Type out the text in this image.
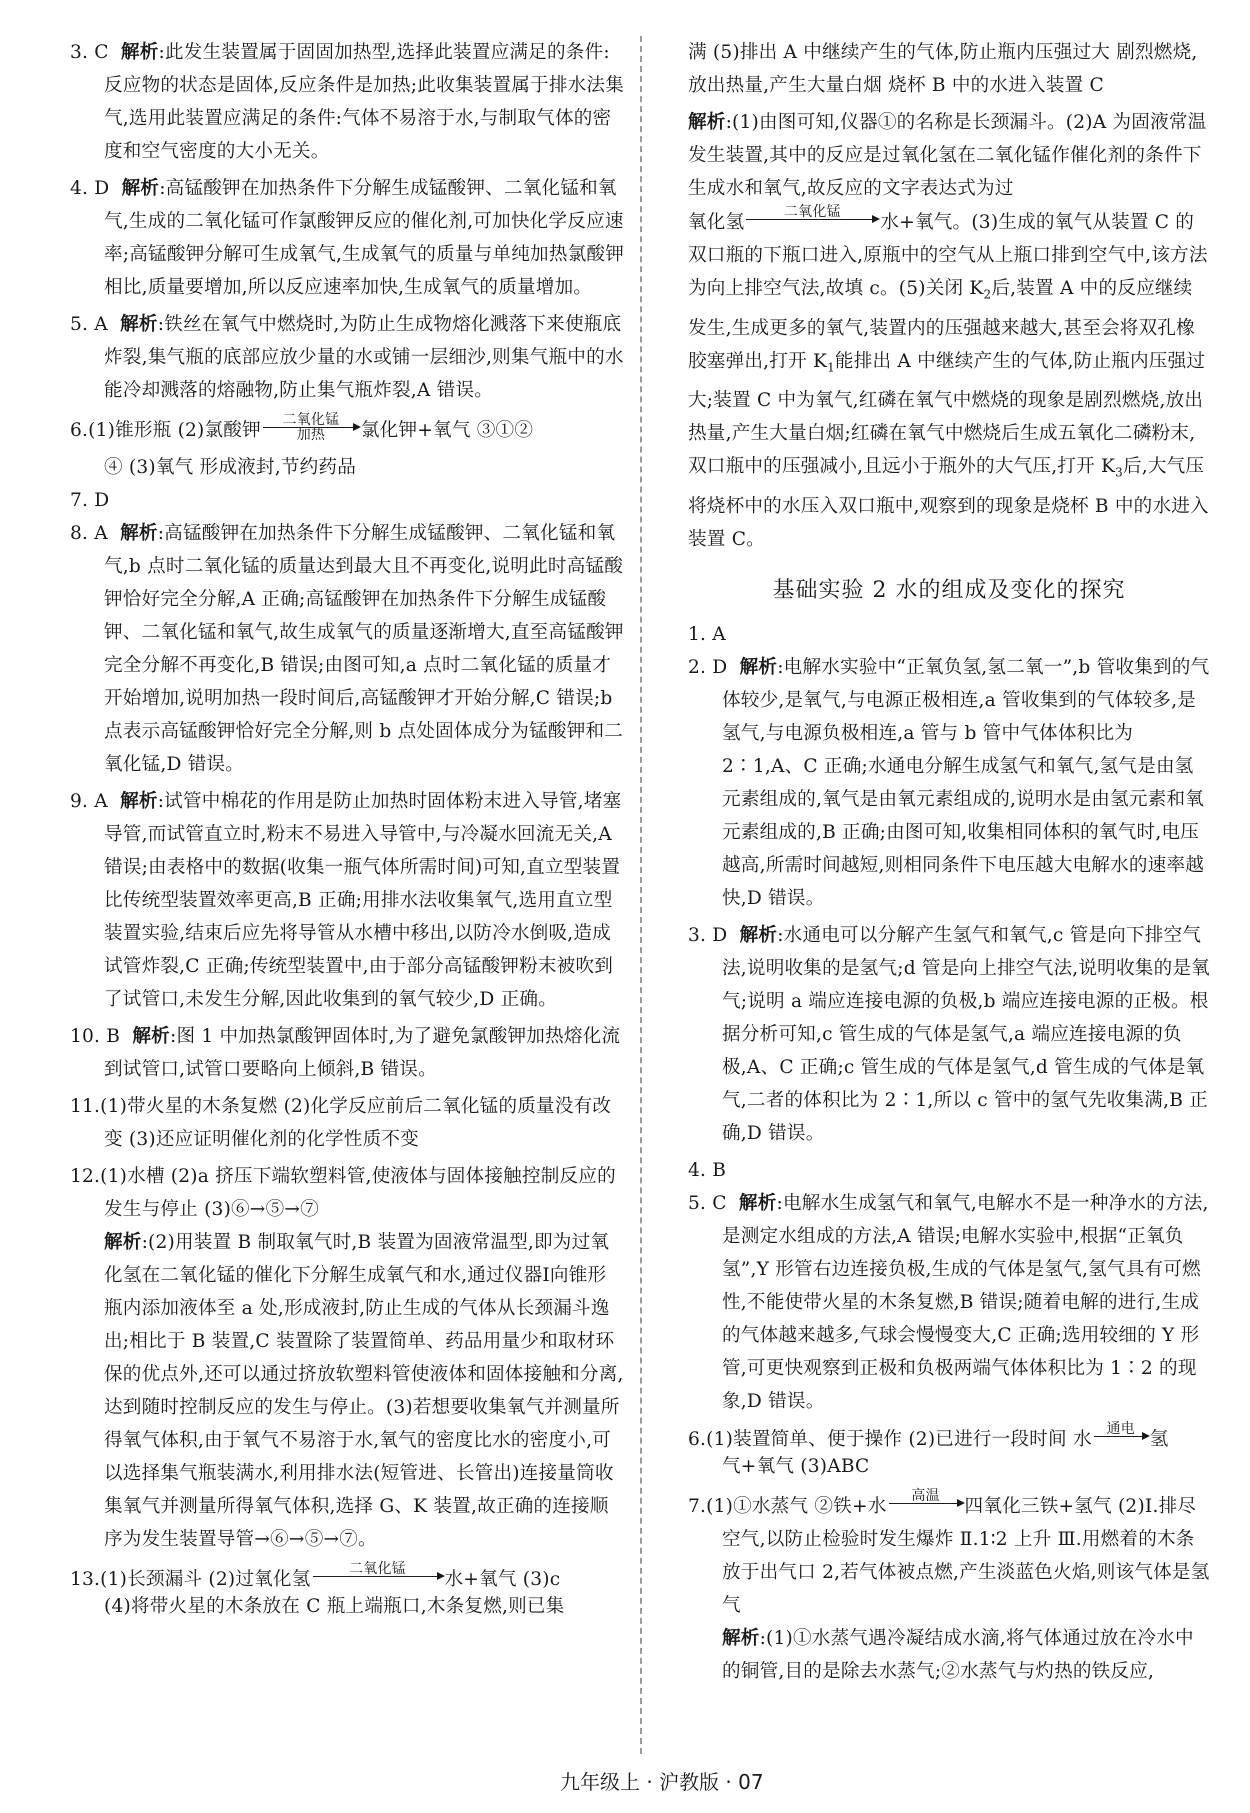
3. C 解析:此发生装置属于固固加热型,选择此装置应满足的条件:反应物的状态是固体,反应条件是加热;此收集装置属于排水法集气,选用此装置应满足的条件:气体不易溶于水,与制取气体的密度和空气密度的大小无关。

4. D 解析:高锰酸钾在加热条件下分解生成锰酸钾、二氧化锰和氧气,生成的二氧化锰可作氯酸钾反应的催化剂,可加快化学反应速率;高锰酸钾分解可生成氧气,生成氧气的质量与单纯加热氯酸钾相比,质量要增加,所以反应速率加快,生成氧气的质量增加。

5. A 解析:铁丝在氧气中燃烧时,为防止生成物熔化溅落下来使瓶底炸裂,集气瓶的底部应放少量的水或铺一层细沙,则集气瓶中的水能冷却溅落的熔融物,防止集气瓶炸裂,A 错误。

6.(1)锥形瓶 (2)氯酸钾	二氧化锰
加热	氯化钾+氧气 ③①②
④ (3)氧气 形成液封,节约药品

7. D

8. A 解析:高锰酸钾在加热条件下分解生成锰酸钾、二氧化锰和氧气,b 点时二氧化锰的质量达到最大且不再变化,说明此时高锰酸钾恰好完全分解,A 正确;高锰酸钾在加热条件下分解生成锰酸钾、二氧化锰和氧气,故生成氧气的质量逐渐增大,直至高锰酸钾完全分解不再变化,B 错误;由图可知,a 点时二氧化锰的质量才开始增加,说明加热一段时间后,高锰酸钾才开始分解,C 错误;b 点表示高锰酸钾恰好完全分解,则 b 点处固体成分为锰酸钾和二氧化锰,D 错误。

9. A 解析:试管中棉花的作用是防止加热时固体粉末进入导管,堵塞导管,而试管直立时,粉末不易进入导管中,与冷凝水回流无关,A 错误;由表格中的数据(收集一瓶气体所需时间)可知,直立型装置比传统型装置效率更高,B 正确;用排水法收集氧气,选用直立型装置实验,结束后应先将导管从水槽中移出,以防冷水倒吸,造成试管炸裂,C 正确;传统型装置中,由于部分高锰酸钾粉末被吹到了试管口,未发生分解,因此收集到的氧气较少,D 正确。

10. B 解析:图 1 中加热氯酸钾固体时,为了避免氯酸钾加热熔化流到试管口,试管口要略向上倾斜,B 错误。

11.(1)带火星的木条复燃 (2)化学反应前后二氧化锰的质量没有改变 (3)还应证明催化剂的化学性质不变

12.(1)水槽 (2)a 挤压下端软塑料管,使液体与固体接触控制反应的发生与停止 (3)⑥→⑤→⑦

解析:(2)用装置 B 制取氧气时,B 装置为固液常温型,即为过氧化氢在二氧化锰的催化下分解生成氧气和水,通过仪器Ⅰ向锥形瓶内添加液体至 a 处,形成液封,防止生成的气体从长颈漏斗逸出;相比于 B 装置,C 装置除了装置简单、药品用量少和取材环保的优点外,还可以通过挤放软塑料管使液体和固体接触和分离,达到随时控制反应的发生与停止。(3)若想要收集氧气并测量所得氧气体积,由于氧气不易溶于水,氧气的密度比水的密度小,可以选择集气瓶装满水,利用排水法(短管进、长管出)连接量筒收集氧气并测量所得氧气体积,选择 G、K 装置,故正确的连接顺序为发生装置导管→⑥→⑤→⑦。

13.(1)长颈漏斗 (2)过氧化氢	二氧化锰
	水+氧气 (3)c
(4)将带火星的木条放在 C 瓶上端瓶口,木条复燃,则已集

满 (5)排出 A 中继续产生的气体,防止瓶内压强过大 剧烈燃烧,放出热量,产生大量白烟 烧杯 B 中的水进入装置 C

解析:(1)由图可知,仪器①的名称是长颈漏斗。(2)A 为固液常温发生装置,其中的反应是过氧化氢在二氧化锰作催化剂的条件下生成水和氧气,故反应的文字表达式为过
氧化氢	二氧化锰
	水+氧气。(3)生成的氧气从装置 C 的双口瓶的下瓶口进入,原瓶中的空气从上瓶口排到空气中,该方法为向上排空气法,故填 c。(5)关闭 $K_2$后,装置 A 中的反应继续发生,生成更多的氧气,装置内的压强越来越大,甚至会将双孔橡胶塞弹出,打开 $K_1$能排出 A 中继续产生的气体,防止瓶内压强过大;装置 C 中为氧气,红磷在氧气中燃烧的现象是剧烈燃烧,放出热量,产生大量白烟;红磷在氧气中燃烧后生成五氧化二磷粉末,双口瓶中的压强减小,且远小于瓶外的大气压,打开 $K_3$后,大气压将烧杯中的水压入双口瓶中,观察到的现象是烧杯 B 中的水进入装置 C。
基础实验 2 水的组成及变化的探究

1. A

2. D 解析:电解水实验中“正氧负氢,氢二氧一”,b 管收集到的气体较少,是氧气,与电源正极相连,a 管收集到的气体较多,是氢气,与电源负极相连,a 管与 b 管中气体体积比为 2∶1,A、C 正确;水通电分解生成氢气和氧气,氢气是由氢元素组成的,氧气是由氧元素组成的,说明水是由氢元素和氧元素组成的,B 正确;由图可知,收集相同体积的氧气时,电压越高,所需时间越短,则相同条件下电压越大电解水的速率越快,D 错误。

3. D 解析:水通电可以分解产生氢气和氧气,c 管是向下排空气法,说明收集的是氢气;d 管是向上排空气法,说明收集的是氧气;说明 a 端应连接电源的负极,b 端应连接电源的正极。根据分析可知,c 管生成的气体是氢气,a 端应连接电源的负极,A、C 正确;c 管生成的气体是氢气,d 管生成的气体是氧气,二者的体积比为 2∶1,所以 c 管中的氢气先收集满,B 正确,D 错误。

4. B

5. C 解析:电解水生成氢气和氧气,电解水不是一种净水的方法,是测定水组成的方法,A 错误;电解水实验中,根据“正氧负氢”,Y 形管右边连接负极,生成的气体是氢气,氢气具有可燃性,不能使带火星的木条复燃,B 错误;随着电解的进行,生成的气体越来越多,气球会慢慢变大,C 正确;选用较细的 Y 形管,可更快观察到正极和负极两端气体体积比为 1∶2 的现象,D 错误。

6.(1)装置简单、便于操作 (2)已进行一段时间 水	通电
氢
气+氧气 (3)ABC
7.(1)①水蒸气 ②铁+水	高温
	四氧化三铁+氢气 (2)Ⅰ.排尽空气,以防止检验时发生爆炸 Ⅱ.1∶2 上升 Ⅲ.用燃着的木条放于出气口 2,若气体被点燃,产生淡蓝色火焰,则该气体是氢气

解析:(1)①水蒸气遇冷凝结成水滴,将气体通过放在冷水中的铜管,目的是除去水蒸气;②水蒸气与灼热的铁反应,

九年级上 · 沪教版 · 07
